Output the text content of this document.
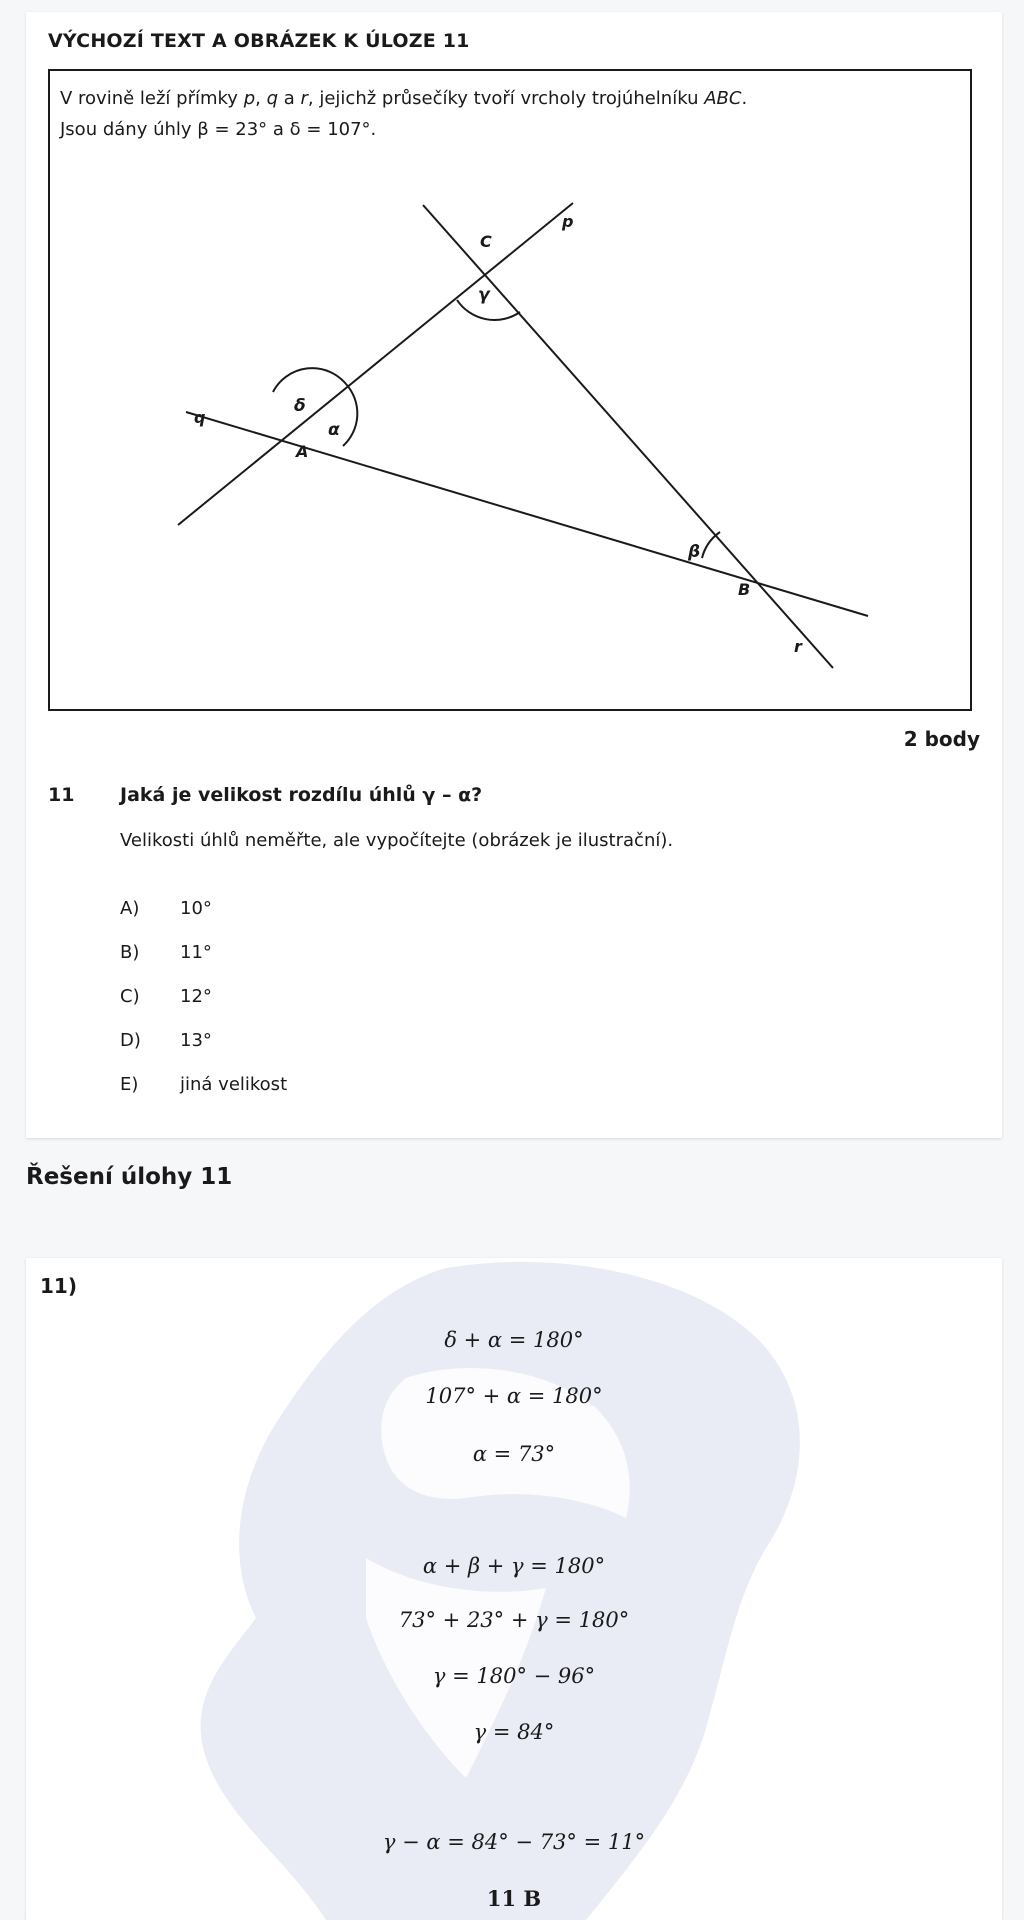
VÝCHOZÍ TEXT A OBRÁZEK K ÚLOZE 11
V rovině leží přímky p, q a r, jejichž průsečíky tvoří vrcholy trojúhelníku ABC.
Jsou dány úhly β = 23° a δ = 107°.
p
q
r
C
A
B
γ
δ
α
β
2 body
11 Jaká je velikost rozdílu úhlů γ – α?
Velikosti úhlů neměřte, ale vypočítejte (obrázek je ilustrační).
A) 10°
B) 11°
C) 12°
D) 13°
E) jiná velikost
Řešení úlohy 11
11)
δ + α = 180°
107° + α = 180°
α = 73°
α + β + γ = 180°
73° + 23° + γ = 180°
γ = 180° − 96°
γ = 84°
γ − α = 84° − 73° = 11°
11 B
